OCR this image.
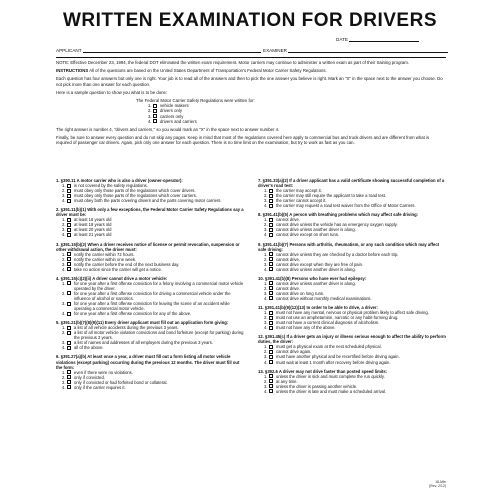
WRITTEN EXAMINATION FOR DRIVERS
DATE
APPLICANT	EXAMINER

NOTE: Effective December 23, 1994, the federal DOT eliminated the written exam requirement. Motor carriers may continue to administer a written exam as part of their training program.

INSTRUCTIONS All of the questions are based on the United States Department of Transportation's Federal Motor Carrier Safety Regulations.

Each question has four answers but only one is right. Your job is to read all of the answers and then to pick the one answer you believe is right. Mark an "X" in the space next to the answer you choose. Do not pick more than one answer for each question.

Here is a sample question to show you what is to be done:

The Federal Motor Carrier Safety Regulations were written for:
1.	vehicle makers
2.	drivers only
3.	carriers only
4.	drivers and carriers

The right answer is number 4, "drivers and carriers," so you would mark an "X" in the space next to answer number 4.

Finally, be sure to answer every question and do not skip any pages. Keep in mind that most of the regulations covered here apply to commercial bus and truck drivers and are different from what is required of passenger car drivers. Again, pick only one answer for each question. There is no time limit on the examination, but try to work as fast as you can.

1. §390.11 A motor carrier who is also a driver (owner-operator):
1.	is not covered by the safety regulations.
2.	must obey only those parts of the regulations which cover drivers.
3.	must obey only those parts of the regulations which cover carriers.
4.	must obey both the parts covering drivers and the parts covering motor carriers.
2. §391.11(b)(1) With only a few exceptions, the Federal Motor Carrier Safety Regulations say a driver must be:
1.	at least 16 years old
2.	at least 18 years old
3.	at least 20 years old
4.	at least 21 years old
3. §391.15(b)(2) When a driver receives notice of license or permit revocation, suspension or other withdrawal action, the driver must:
1.	notify the carrier within 72 hours.
2.	notify the carrier within one week.
3.	notify the carrier before the end of the next business day.
4.	take no action since the carrier will get a notice.
4. §391.15(c)(2)(ii) A driver cannot drive a motor vehicle:
1.	for one year after a first offense conviction for a felony involving a commercial motor vehicle operated by the driver.
2.	for one year after a first offense conviction for driving a commercial vehicle under the influence of alcohol or narcotics.
3.	for one year after a first offense conviction for leaving the scene of an accident while operating a commercial motor vehicle.
4.	for one year after a first offense conviction for any of the above.
5. §391.21(b)(7)(8)(9)(11) Every driver applicant must fill out an application form giving:
1.	a list of all vehicle accidents during the previous 3 years.
2.	a list of all motor vehicle violation convictions and bond forfeiture (except for parking) during the previous 3 years.
3.	a list of names and addresses of all employers during the previous 3 years.
4.	all of the above.
6. §391.27(a)(b) At least once a year, a driver must fill out a form listing all motor vehicle violations (except parking) occurring during the previous 12 months. The driver must fill out the form:
1.	even if there were no violations.
2.	only if convicted.
3.	only if convicted or had forfeited bond or collateral.
4.	only if the carrier requires it.
7. §391.33(a)(2) If a driver applicant has a valid certificate showing successful completion of a driver's road test:
1.	the carrier may accept it.
2.	the carrier may still require the applicant to take a road test.
3.	the carrier cannot accept it.
4.	the carrier may request a road test waiver from the Office of Motor Carriers.
8. §391.41(b)(5) A person with breathing problems which may affect safe driving:
1.	cannot drive.
2.	cannot drive unless the vehicle has an emergency oxygen supply.
3.	cannot drive unless another driver is along.
4.	cannot drive except on short runs.
9. §391.41(b)(7) Persons with arthritis, rheumatism, or any such condition which may affect safe driving:
1.	cannot drive unless they are checked by a doctor before each trip.
2.	cannot drive.
3.	cannot drive except when they are free of pain.
4.	cannot drive unless another driver is along.
10. §391.41(b)(8) Persons who have ever had epilepsy:
1.	cannot drive unless another driver is along.
2.	cannot drive.
3.	cannot drive on long runs.
4.	cannot drive without monthly medical examinations.
11. §391.41(b)(9)(12)(13) In order to be able to drive, a driver:
1.	must not have any mental, nervous or physical problem likely to affect safe driving.
2.	must not use an amphetamine, narcotic or any habit-forming drug.
3.	must not have a current clinical diagnosis of alcoholism.
4.	must not have any of the above.
12. §391.45(c) If a driver gets an injury or illness serious enough to affect the ability to perform duties, the driver:
1.	must get a physical exam at the next scheduled physical.
2.	cannot drive again.
3.	must have another physical and be recertified before driving again.
4.	must wait at least 1 month after recovery before driving again.
13. §392.6 A driver may not drive faster than posted speed limits:
1.	unless the driver is sick and must complete the run quickly.
2.	at any time.
3.	unless the driver is passing another vehicle.
4.	unless the driver is late and must make a scheduled arrival.
18-Mfe
(Rev. 2/12)
